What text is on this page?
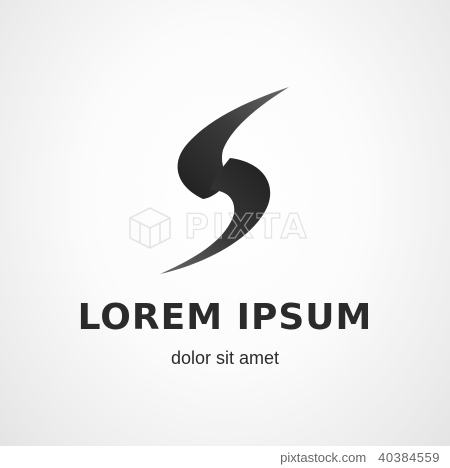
PIXTA
LOREM IPSUM
dolor sit amet
pixtastock.com 40384559
